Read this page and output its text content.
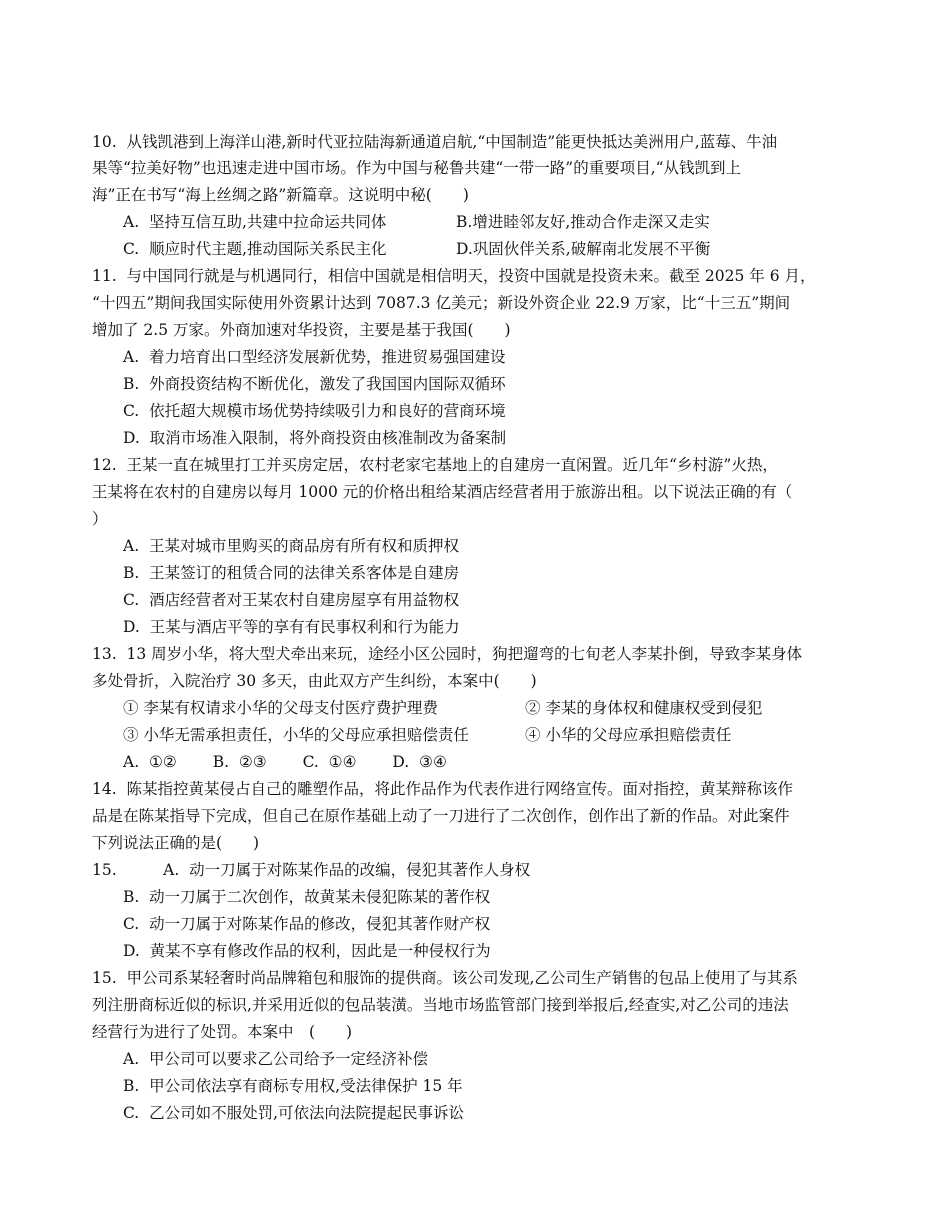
10.  从钱凯港到上海洋山港,新时代亚拉陆海新通道启航,“中国制造”能更快抵达美洲用户,蓝莓、牛油
果等“拉美好物”也迅速走进中国市场。作为中国与秘鲁共建“一带一路”的重要项目,“从钱凯到上
海”正在书写“海上丝绸之路”新篇章。这说明中秘(　　)
A.  坚持互信互助,共建中拉命运共同体	B.增进睦邻友好,推动合作走深又走实
C.  顺应时代主题,推动国际关系民主化	D.巩固伙伴关系,破解南北发展不平衡
11.  与中国同行就是与机遇同行，相信中国就是相信明天，投资中国就是投资未来。截至 2025 年 6 月，
“十四五”期间我国实际使用外资累计达到 7087.3 亿美元；新设外资企业 22.9 万家，比“十三五”期间
增加了 2.5 万家。外商加速对华投资，主要是基于我国(　　)
A.  着力培育出口型经济发展新优势，推进贸易强国建设
B.  外商投资结构不断优化，激发了我国国内国际双循环
C.  依托超大规模市场优势持续吸引力和良好的营商环境
D.  取消市场准入限制，将外商投资由核准制改为备案制
12.  王某一直在城里打工并买房定居，农村老家宅基地上的自建房一直闲置。近几年“乡村游”火热，
王某将在农村的自建房以每月 1000 元的价格出租给某酒店经营者用于旅游出租。以下说法正确的有（
）
A.  王某对城市里购买的商品房有所有权和质押权
B.  王某签订的租赁合同的法律关系客体是自建房
C.  酒店经营者对王某农村自建房屋享有用益物权
D.  王某与酒店平等的享有有民事权利和行为能力
13.  13 周岁小华，将大型犬牵出来玩，途经小区公园时，狗把遛弯的七旬老人李某扑倒，导致李某身体
多处骨折，入院治疗 30 多天，由此双方产生纠纷，本案中(　　)
① 李某有权请求小华的父母支付医疗费护理费	② 李某的身体权和健康权受到侵犯
③ 小华无需承担责任，小华的父母应承担赔偿责任	④ 小华的父母应承担赔偿责任
A.  ①②　　 B.  ②③　　 C.  ①④　　 D.  ③④
14.  陈某指控黄某侵占自己的雕塑作品，将此作品作为代表作进行网络宣传。面对指控，黄某辩称该作
品是在陈某指导下完成，但自己在原作基础上动了一刀进行了二次创作，创作出了新的作品。对此案件
下列说法正确的是(　　)
15.　　　A.  动一刀属于对陈某作品的改编，侵犯其著作人身权
B.  动一刀属于二次创作，故黄某未侵犯陈某的著作权
C.  动一刀属于对陈某作品的修改，侵犯其著作财产权
D.  黄某不享有修改作品的权利，因此是一种侵权行为
15.  甲公司系某轻奢时尚品牌箱包和服饰的提供商。该公司发现,乙公司生产销售的包品上使用了与其系
列注册商标近似的标识,并采用近似的包品装潢。当地市场监管部门接到举报后,经查实,对乙公司的违法
经营行为进行了处罚。本案中　(　　)
A.  甲公司可以要求乙公司给予一定经济补偿
B.  甲公司依法享有商标专用权,受法律保护 15 年
C.  乙公司如不服处罚,可依法向法院提起民事诉讼
